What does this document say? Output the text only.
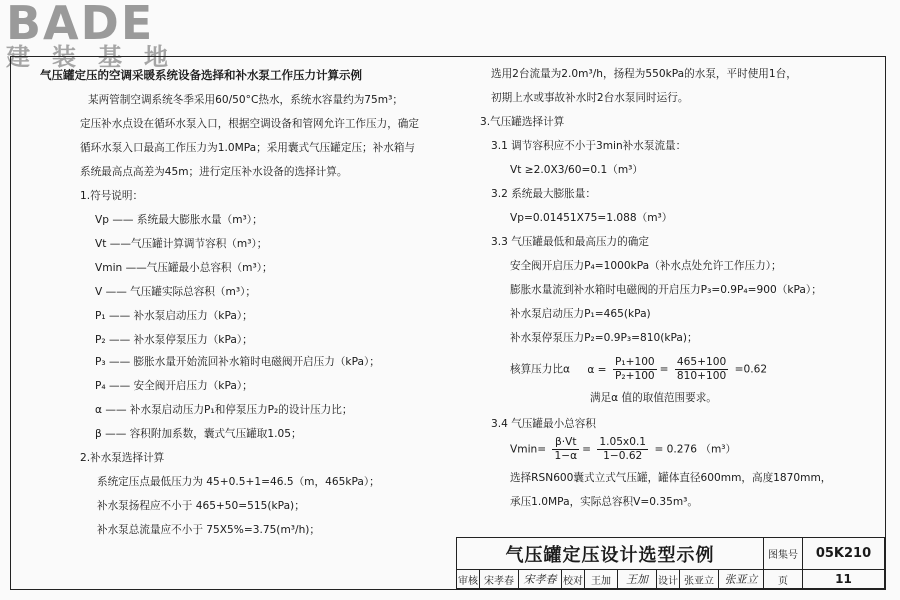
BADE
建装基地
气压罐定压的空调采暖系统设备选择和补水泵工作压力计算示例
某两管制空调系统冬季采用60/50°C热水，系统水容量约为75m³；
定压补水点设在循环水泵入口，根据空调设备和管网允许工作压力，确定
循环水泵入口最高工作压力为1.0MPa；采用囊式气压罐定压；补水箱与
系统最高点高差为45m；进行定压补水设备的选择计算。
1.符号说明：
Vp —— 系统最大膨胀水量（m³）；
Vt ——气压罐计算调节容积（m³）；
Vmin ——气压罐最小总容积（m³）；
V —— 气压罐实际总容积（m³）；
P₁ —— 补水泵启动压力（kPa）；
P₂ —— 补水泵停泵压力（kPa）；
P₃ —— 膨胀水量开始流回补水箱时电磁阀开启压力（kPa）；
P₄ —— 安全阀开启压力（kPa）；
α —— 补水泵启动压力P₁和停泵压力P₂的设计压力比；
β —— 容积附加系数，囊式气压罐取1.05；
2.补水泵选择计算
系统定压点最低压力为 45+0.5+1=46.5（m，465kPa）；
补水泵扬程应不小于 465+50=515(kPa)；
补水泵总流量应不小于 75X5%=3.75(m³/h)；
选用2台流量为2.0m³/h，扬程为550kPa的水泵，平时使用1台，
初期上水或事故补水时2台水泵同时运行。
3.气压罐选择计算
3.1 调节容积应不小于3min补水泵流量：
Vt ≥2.0X3/60=0.1（m³）
3.2 系统最大膨胀量：
Vp=0.01451X75=1.088（m³）
3.3 气压罐最低和最高压力的确定
安全阀开启压力P₄=1000kPa（补水点处允许工作压力）；
膨胀水量流到补水箱时电磁阀的开启压力P₃=0.9P₄=900（kPa）；
补水泵启动压力P₁=465(kPa)
补水泵停泵压力P₂=0.9P₃=810(kPa)；
核算压力比α $\alpha = \frac{\text{P₁+100}}{\text{P₂+100}} = \frac{465+100}{810+100} =0.62$
满足α 值的取值范围要求。
3.4 气压罐最小总容积
$Vmin= \frac{\beta\cdot Vt}{1-\alpha} = \frac{1.05x0.1}{1-0.62} = 0.276$ （m³）
选择RSN600囊式立式气压罐，罐体直径600mm，高度1870mm，
承压1.0MPa，实际总容积V=0.35m³。
气压罐定压设计选型示例	图集号	05K210
审核 宋孝春 宋孝春 校对 王加	王加	设计 张亚立 张亚立	页	11
